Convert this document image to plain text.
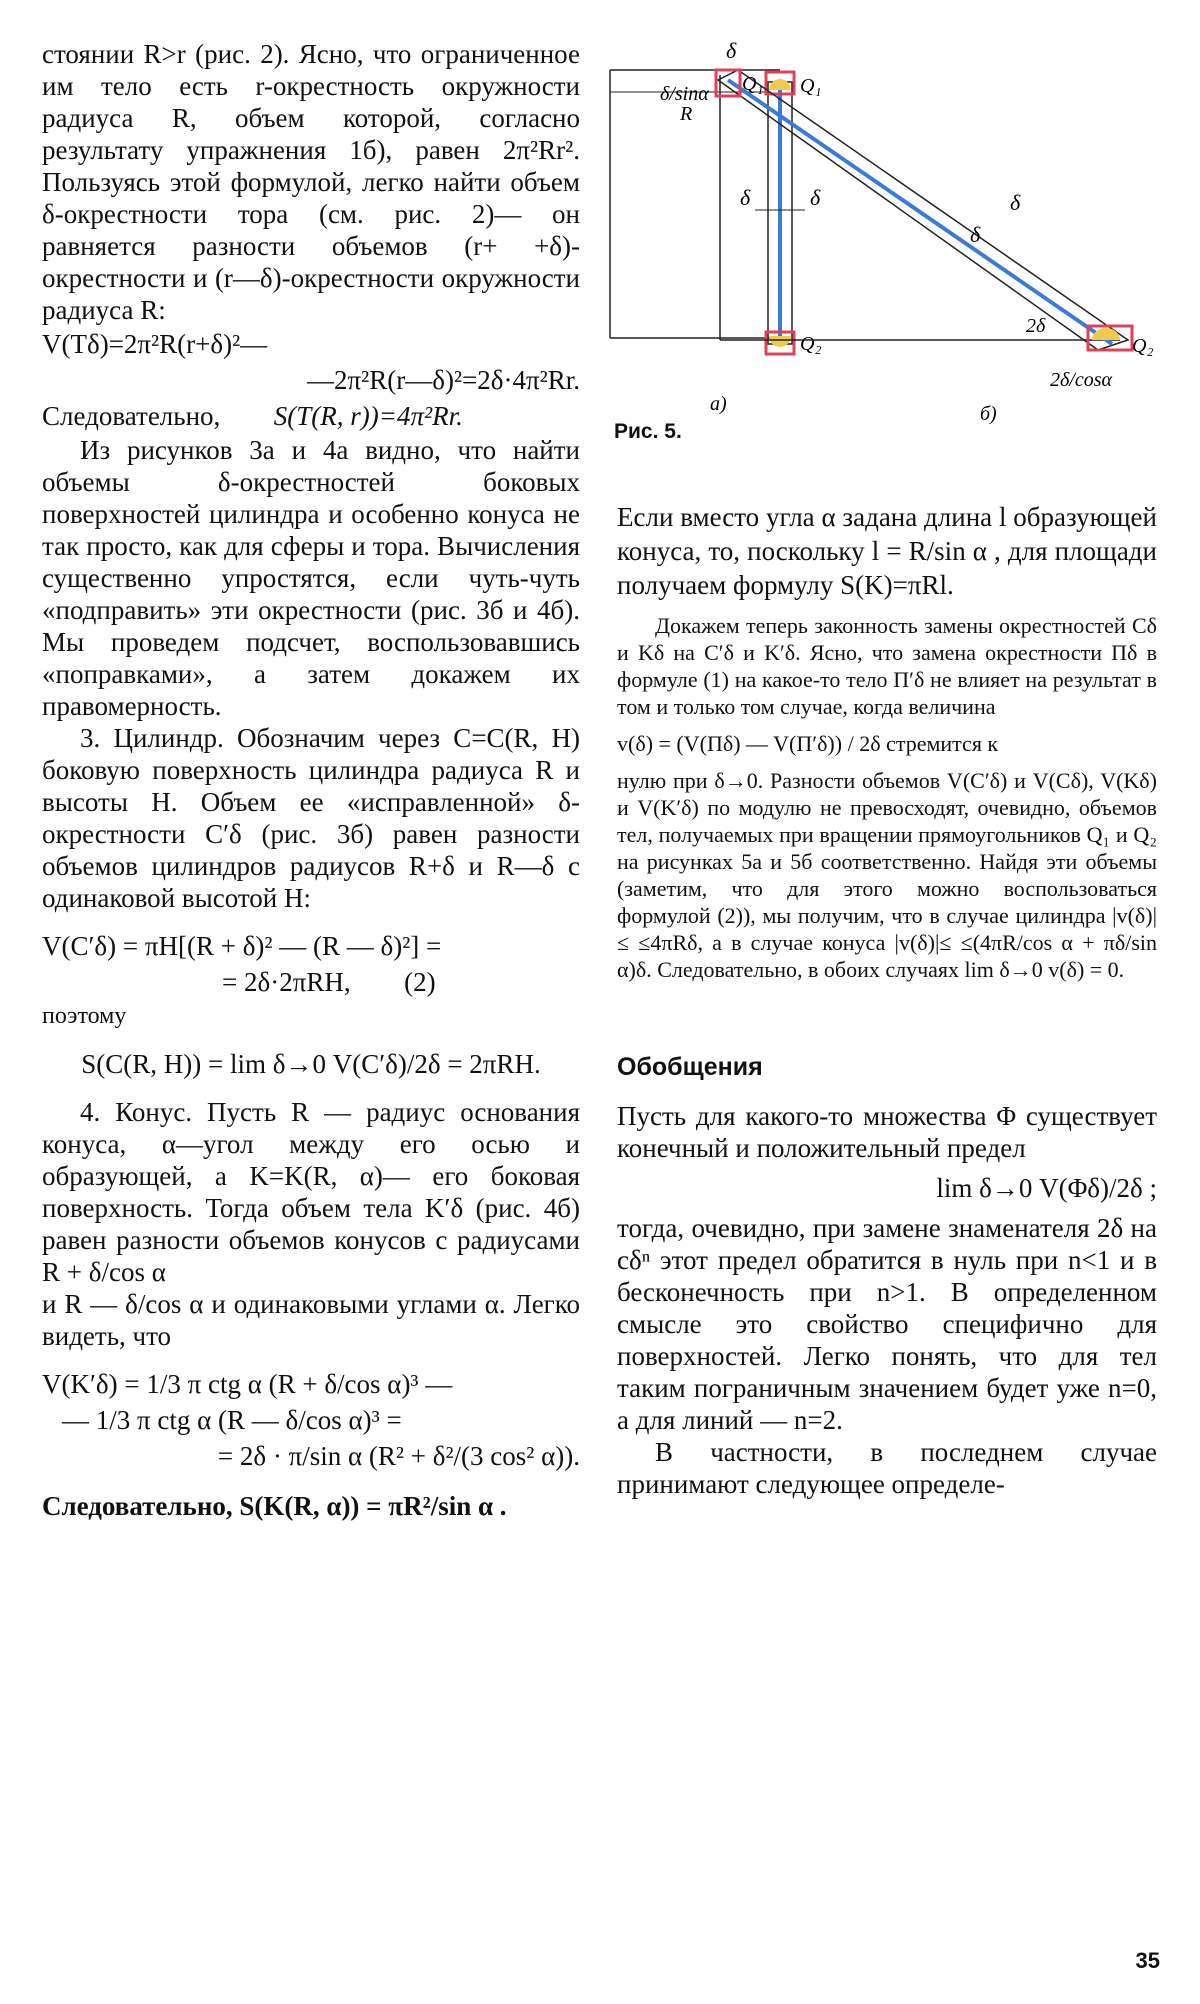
стоянии R>r (рис. 2). Ясно, что ограниченное им тело есть r-окрестность окружности радиуса R, объем которой, согласно результату упражнения 1б), равен 2π²Rr². Пользуясь этой формулой, легко найти объем δ-окрестности тора (см. рис. 2)— он равняется разности объемов (r+ +δ)-окрестности и (r—δ)-окрестности окружности радиуса R:

V(Tδ)=2π²R(r+δ)²—

—2π²R(r—δ)²=2δ·4π²Rr.

Следовательно, S(T(R, r))=4π²Rr.

Из рисунков 3а и 4а видно, что найти объемы δ-окрестностей боковых поверхностей цилиндра и особенно конуса не так просто, как для сферы и тора. Вычисления существенно упростятся, если чуть-чуть «подправить» эти окрестности (рис. 3б и 4б). Мы проведем подсчет, воспользовавшись «поправками», а затем докажем их правомерность.

3. Цилиндр. Обозначим через C=C(R, H) боковую поверхность цилиндра радиуса R и высоты H. Объем ее «исправленной» δ-окрестности C′δ (рис. 3б) равен разности объемов цилиндров радиусов R+δ и R—δ с одинаковой высотой H:

V(C′δ) = πH[(R + δ)² — (R — δ)²] =

= 2δ·2πRH, (2)

поэтому

S(C(R, H)) = lim δ→0 V(C′δ)/2δ = 2πRH.

4. Конус. Пусть R — радиус основания конуса, α—угол между его осью и образующей, а K=K(R, α)— его боковая поверхность. Тогда объем тела K′δ (рис. 4б) равен разности объемов конусов с радиусами R + δ/cos α

и R — δ/cos α и одинаковыми углами α. Легко видеть, что

V(K′δ) = 1/3 π ctg α (R + δ/cos α)³ —

— 1/3 π ctg α (R — δ/cos α)³ =

= 2δ · π/sin α (R² + δ²/(3 cos² α)).

Следовательно, S(K(R, α)) = πR²/sin α .

Q₁
Q₂
R
δ	δ
а)
Q₁
Q₂
δ/sinα
δ
δ
δ
2δ
2δ/cosα
б)

Рис. 5.

Если вместо угла α задана длина l образующей конуса, то, поскольку l = R/sin α , для площади получаем формулу S(K)=πRl.

Докажем теперь законность замены окрестностей Cδ и Kδ на C′δ и K′δ. Ясно, что замена окрестности Πδ в формуле (1) на какое-то тело Π′δ не влияет на результат в том и только том случае, когда величина

v(δ) = (V(Πδ) — V(Π′δ)) / 2δ стремится к

нулю при δ→0. Разности объемов V(C′δ) и V(Cδ), V(Kδ) и V(K′δ) по модулю не превосходят, очевидно, объемов тел, получаемых при вращении прямоугольников Q₁ и Q₂ на рисунках 5а и 5б соответственно. Найдя эти объемы (заметим, что для этого можно воспользоваться формулой (2)), мы получим, что в случае цилиндра |v(δ)|≤ ≤4πRδ, а в случае конуса |v(δ)|≤ ≤(4πR/cos α + πδ/sin α)δ. Следовательно, в обоих случаях lim δ→0 v(δ) = 0.

Обобщения

Пусть для какого-то множества Φ существует конечный и положительный предел

lim δ→0 V(Φδ)/2δ ;

тогда, очевидно, при замене знаменателя 2δ на cδⁿ этот предел обратится в нуль при n<1 и в бесконечность при n>1. В определенном смысле это свойство специфично для поверхностей. Легко понять, что для тел таким пограничным значением будет уже n=0, а для линий — n=2.

В частности, в последнем случае принимают следующее определе-

35
